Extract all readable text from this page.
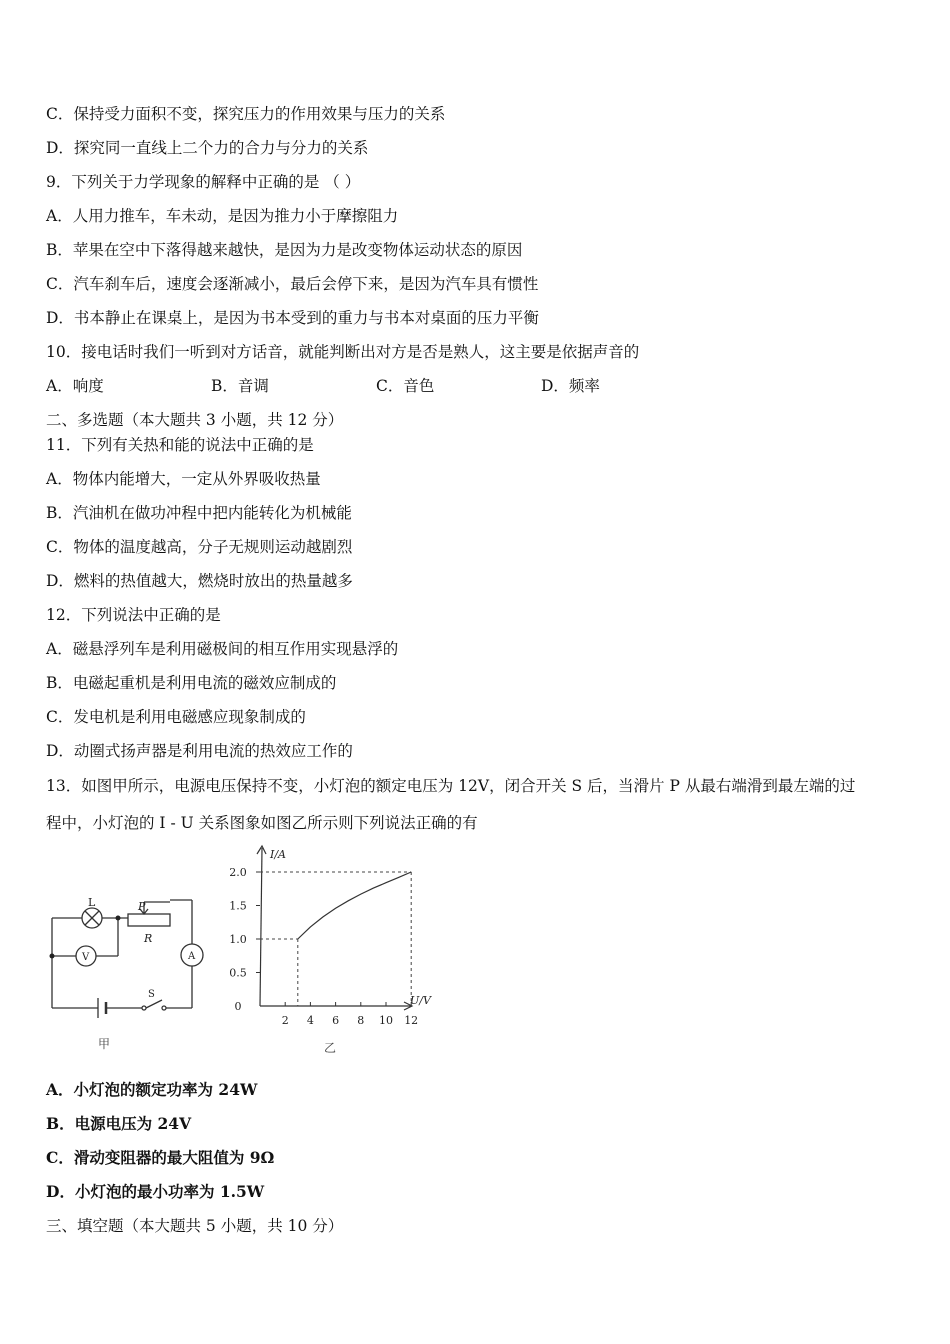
C．保持受力面积不变，探究压力的作用效果与压力的关系
D．探究同一直线上二个力的合力与分力的关系
9．下列关于力学现象的解释中正确的是 （ ）
A．人用力推车，车未动，是因为推力小于摩擦阻力
B．苹果在空中下落得越来越快，是因为力是改变物体运动状态的原因
C．汽车刹车后，速度会逐渐减小，最后会停下来，是因为汽车具有惯性
D．书本静止在课桌上，是因为书本受到的重力与书本对桌面的压力平衡
10．接电话时我们一听到对方话音，就能判断出对方是否是熟人，这主要是依据声音的
A．响度	B．音调	C．音色	D．频率
二、多选题（本大题共 3 小题，共 12 分）
11．下列有关热和能的说法中正确的是
A．物体内能增大，一定从外界吸收热量
B．汽油机在做功冲程中把内能转化为机械能
C．物体的温度越高，分子无规则运动越剧烈
D．燃料的热值越大，燃烧时放出的热量越多
12．下列说法中正确的是
A．磁悬浮列车是利用磁极间的相互作用实现悬浮的
B．电磁起重机是利用电流的磁效应制成的
C．发电机是利用电磁感应现象制成的
D．动圈式扬声器是利用电流的热效应工作的
13．如图甲所示，电源电压保持不变，小灯泡的额定电压为 12V，闭合开关 S 后，当滑片 P 从最右端滑到最左端的过
程中，小灯泡的 I - U 关系图象如图乙所示则下列说法正确的有
L	P
R
V	A
S
甲
I/A
U/V
乙
0
0.5
1.0
1.5
2.0
2 4 6 8 10 12
A．小灯泡的额定功率为 24W
B．电源电压为 24V
C．滑动变阻器的最大阻值为 9Ω
D．小灯泡的最小功率为 1.5W
三、填空题（本大题共 5 小题，共 10 分）
